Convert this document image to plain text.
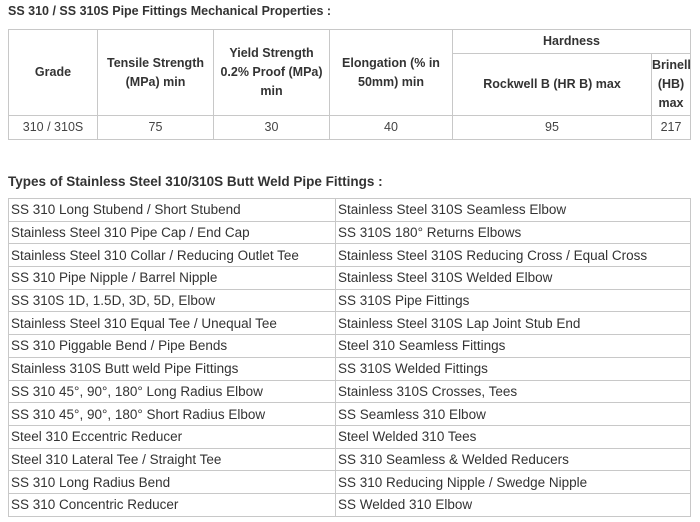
SS 310 / SS 310S Pipe Fittings Mechanical Properties :
Grade	Tensile Strength (MPa) min	Yield Strength 0.2% Proof (MPa) min	Elongation (% in 50mm) min	Hardness	
				Rockwell B (HR B) max	Brinell (HB) max
310 / 310S	75	30	40	95	217
Types of Stainless Steel 310/310S Butt Weld Pipe Fittings :
SS 310 Long Stubend / Short Stubend	Stainless Steel 310S Seamless Elbow
Stainless Steel 310 Pipe Cap / End Cap	SS 310S 180° Returns Elbows
Stainless Steel 310 Collar / Reducing Outlet Tee	Stainless Steel 310S Reducing Cross / Equal Cross
SS 310 Pipe Nipple / Barrel Nipple	Stainless Steel 310S Welded Elbow
SS 310S 1D, 1.5D, 3D, 5D, Elbow	SS 310S Pipe Fittings
Stainless Steel 310 Equal Tee / Unequal Tee	Stainless Steel 310S Lap Joint Stub End
SS 310 Piggable Bend / Pipe Bends	Steel 310 Seamless Fittings
Stainless 310S Butt weld Pipe Fittings	SS 310S Welded Fittings
SS 310 45°, 90°, 180° Long Radius Elbow	Stainless 310S Crosses, Tees
SS 310 45°, 90°, 180° Short Radius Elbow	SS Seamless 310 Elbow
Steel 310 Eccentric Reducer	Steel Welded 310 Tees
Steel 310 Lateral Tee / Straight Tee	SS 310 Seamless & Welded Reducers
SS 310 Long Radius Bend	SS 310 Reducing Nipple / Swedge Nipple
SS 310 Concentric Reducer	SS Welded 310 Elbow
